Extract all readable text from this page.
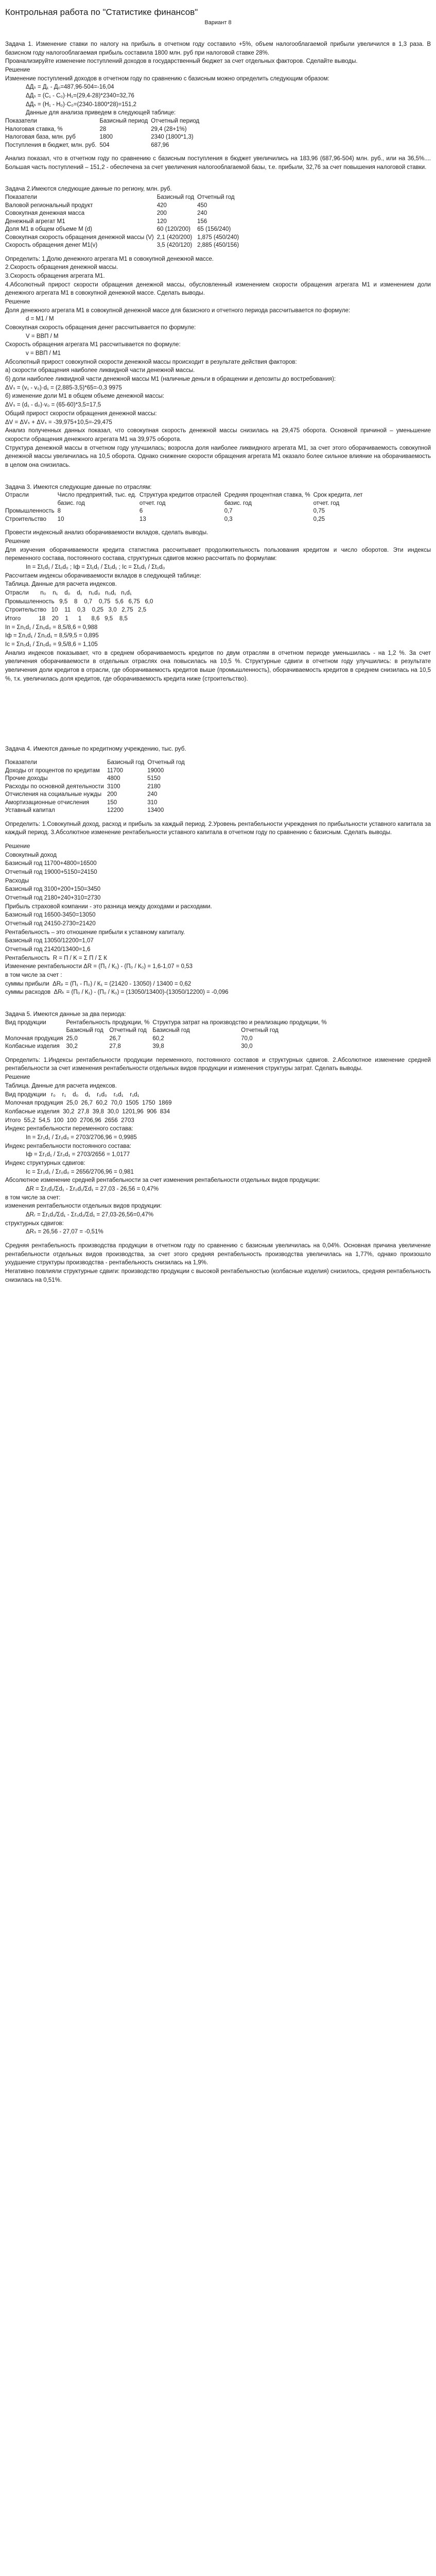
Контрольная работа по "Статистике финансов"
Вариант 8

Задача 1. Изменение ставки по налогу на прибыль в отчетном году составило +5%, объем налогооблагаемой прибыли увеличился в 1,3 раза. В базисном году налогооблагаемая прибыль составила 1800 млн. руб при налоговой ставке 28%.

Проанализируйте изменение поступлений доходов в государственный бюджет за счет отдельных факторов. Сделайте выводы.

Решение

Изменение поступлений доходов в отчетном году по сравнению с базисным можно определить следующим образом:

ΔДₛ = Д₁ - Д₀=487,96-504=-16,04

ΔДₛ = (С₁ - С₀)·Н₁=(29,4-28)*2340=32,76

ΔДₛ = (Н₁ - Н₀)·С₀=(2340-1800*28)=151,2

Данные для анализа приведем в следующей таблице:

Показатели	Базисный период	Отчетный период
Налоговая ставка, %	28	29,4 (28+1%)
Налоговая база, млн. руб	1800	2340 (1800*1,3)
Поступления в бюджет, млн. руб.	504	687,96

Анализ показал, что в отчетном году по сравнению с базисным поступления в бюджет увеличились на 183,96 (687,96-504) млн. руб., или на 36,5%.... Большая часть поступлений – 151,2 - обеспечена за счет увеличения налогооблагаемой базы, т.е. прибыли, 32,76 за счет повышения налоговой ставки.

Задача 2.Имеются следующие данные по региону, млн. руб.

Показатели	Базисный год	Отчетный год
Валовой региональный продукт	420	450
Совокупная денежная масса	200	240
Денежный агрегат М1	120	156
Доля М1 в общем объеме М (d)	60 (120/200)	65 (156/240)
Совокупная скорость обращения денежной массы (V)	2,1 (420/200)	1,875 (450/240)
Скорость обращения денег М1(v)	3,5 (420/120)	2,885 (450/156)

Определить: 1.Долю денежного агрегата М1 в совокупной денежной массе.

2.Скорость обращения денежной массы.

3.Скорость обращения агрегата М1.

4.Абсолютный прирост скорости обращения денежной массы, обусловленный изменением скорости обращения агрегата М1 и изменением доли денежного агрегата М1 в совокупной денежной массе. Сделать выводы.

Решение

Доля денежного агрегата М1 в совокупной денежной массе для базисного и отчетного периода рассчитывается по формуле:

d = М1 / М

Совокупная скорость обращения денег рассчитывается по формуле:

V = ВВП / М

Скорость обращения агрегата М1 рассчитывается по формуле:

v = ВВП / М1

Абсолютный прирост совокупной скорости денежной массы происходит в результате действия факторов:

а) скорости обращения наиболее ликвидной части денежной массы.

б) доли наиболее ликвидной части денежной массы М1 (наличные деньги в обращении и депозиты до востребования):

ΔVₛ = (v₁ - v₀)·d₁ = (2,885-3,5)*65=-0,3 9975

б) изменение доли М1 в общем объеме денежной массы:

ΔVₛ = (d₁ - d₀)·v₀ = (65-60)*3,5=17,5

Общий прирост скорости обращения денежной массы:

ΔV = ΔVₛ + ΔVₛ = -39,975+10,5=-29,475

Анализ полученных данных показал, что совокупная скорость денежной массы снизилась на 29,475 оборота. Основной причиной – уменьшение скорости обращения денежного агрегата М1 на 39,975 оборота.

Структура денежной массы в отчетном году улучшилась; возросла доля наиболее ликвидного агрегата М1, за счет этого оборачиваемость совокупной денежной массы увеличилась на 10,5 оборота. Однако снижение скорости обращения агрегата М1 оказало более сильное влияние на оборачиваемость в целом она снизилась.

Задача 3. Имеются следующие данные по отраслям:

Отрасли	Число предприятий, тыс. ед.	Структура кредитов отраслей	Средняя процентная ставка, %	Срок кредита, лет
	базис. год	отчет. год	базис. год	отчет. год
Промышленность	8	6	0,7	0,75
Строительство	10	13	0,3	0,25

Провести индексный анализ оборачиваемости вкладов, сделать выводы.

Решение

Для изучения оборачиваемости кредита статистика рассчитывает продолжительность пользования кредитом и число оборотов. Эти индексы переменного состава, постоянного состава, структурных сдвигов можно рассчитать по формулам:

Iп = Σt₁d₁ / Σt₀d₀ ; Iф = Σt₁d₁ / Σt₀d₁ ; Iс = Σt₀d₁ / Σt₀d₀

Рассчитаем индексы оборачиваемости вкладов в следующей таблице:

Таблица. Данные для расчета индексов.

Отрасли       n₀    n₁    d₀    d₁    n₀d₀   n₀d₁   n₁d₁

Промышленность   9,5    8    0,7    0,75   5,6   6,75   6,0

Строительство   10    11    0,3    0,25   3,0   2,75   2,5

Итого           18    20    1      1      8,6   9,5    8,5

Iп = Σn₁d₁ / Σn₀d₀ = 8,5/8,6 = 0,988

Iф = Σn₁d₁ / Σn₀d₁ = 8,5/9,5 = 0,895

Iс = Σn₀d₁ / Σn₀d₀ = 9,5/8,6 = 1,105

Анализ индексов показывает, что в среднем оборачиваемость кредитов по двум отраслям в отчетном периоде уменьшилась - на 1,2 %. За счет увеличения оборачиваемости в отдельных отраслях она повысилась на 10,5 %. Структурные сдвиги в отчетном году улучшились: в результате увеличения доли кредитов в отрасли, где оборачиваемость кредитов выше (промышленность), оборачиваемость кредитов в среднем снизилась на 10,5 %, т.к. увеличилась доля кредитов, где оборачиваемость кредита ниже (строительство).

Задача 4. Имеются данные по кредитному учреждению, тыс. руб.

Показатели	Базисный год	Отчетный год
Доходы от процентов по кредитам	11700	19000
Прочие доходы	4800	5150
Расходы по основной деятельности	3100	2180
Отчисления на социальные нужды	200	240
Амортизационные отчисления	150	310
Уставный капитал	12200	13400

Определить: 1.Совокупный доход, расход и прибыль за каждый период. 2.Уровень рентабельности учреждения по прибыльности уставного капитала за каждый период. 3.Абсолютное изменение рентабельности уставного капитала в отчетном году по сравнению с базисным. Сделать выводы.

Решение

Совокупный доход

Базисный год 11700+4800=16500

Отчетный год 19000+5150=24150

Расходы

Базисный год 3100+200+150=3450

Отчетный год 2180+240+310=2730

Прибыль страховой компании - это разница между доходами и расходами.

Базисный год 16500-3450=13050

Отчетный год 24150-2730=21420

Рентабельность – это отношение прибыли к уставному капиталу.

Базисный год 13050/12200=1,07

Отчетный год 21420/13400=1,6

Рентабельность  R = Π / K = Σ П / Σ К

Изменение рентабельности ΔR = (П₁ / К₁) - (П₀ / К₀) = 1,6-1,07 = 0,53

в том числе за счет :

суммы прибыли  ΔRₚ = (П₁ - П₀) / К₁ = (21420 - 13050) / 13400 = 0,62

суммы расходов  ΔRₖ = (П₀ / К₁) - (П₀ / К₀) = (13050/13400)-(13050/12200) = -0,096

Задача 5. Имеются данные за два периода:

Вид продукции	Рентабельность продукции, %		Структура затрат на производство и реализацию продукции, %	
	Базисный год	Отчетный год	Базисный год	Отчетный год
Молочная продукция	25,0	26,7	60,2	70,0
Колбасные изделия	30,2	27,8	39,8	30,0

Определить: 1.Индексы рентабельности продукции переменного, постоянного составов и структурных сдвигов. 2.Абсолютное изменение средней рентабельности за счет изменения рентабельности отдельных видов продукции и изменения структуры затрат. Сделать выводы.

Решение

Таблица. Данные для расчета индексов.

Вид продукции   r₀    r₁    d₀    d₁    r₀d₀    r₀d₁    r₁d₁

Молочная продукция  25,0  26,7  60,2  70,0  1505  1750  1869

Колбасные изделия  30,2  27,8  39,8  30,0  1201,96  906  834

Итого  55,2  54,5  100  100  2706,96  2656  2703

Индекс рентабельности переменного состава:

Iп = Σr₁d₁ / Σr₀d₀ = 2703/2706,96 = 0,9985

Индекс рентабельности постоянного состава:

Iф = Σr₁d₁ / Σr₀d₁ = 2703/2656 = 1,0177

Индекс структурных сдвигов:

Iс = Σr₀d₁ / Σr₀d₀ = 2656/2706,96 = 0,981

Абсолютное изменение средней рентабельности за счет изменения рентабельности отдельных видов продукции:

ΔR = Σr₁d₁/Σd₁ - Σr₀d₁/Σd₁ = 27,03 - 26,56 = 0,47%

в том числе за счет:

изменения рентабельности отдельных видов продукции:

ΔRᵣ = Σr₁d₁/Σd₁ - Σr₀d₁/Σd₁ = 27,03-26,56=0,47%

структурных сдвигов:

ΔRₛ = 26,56 - 27,07 = -0,51%

Средняя рентабельность производства продукции в отчетном году по сравнению с базисным увеличилась на 0,04%. Основная причина увеличение рентабельности отдельных видов производства, за счет этого средняя рентабельность производства увеличилась на 1,77%, однако произошло ухудшение структуры производства - рентабельность снизилась на 1,9%.

Негативно повлияли структурные сдвиги: производство продукции с высокой рентабельностью (колбасные изделия) снизилось, средняя рентабельность снизилась на 0,51%.
